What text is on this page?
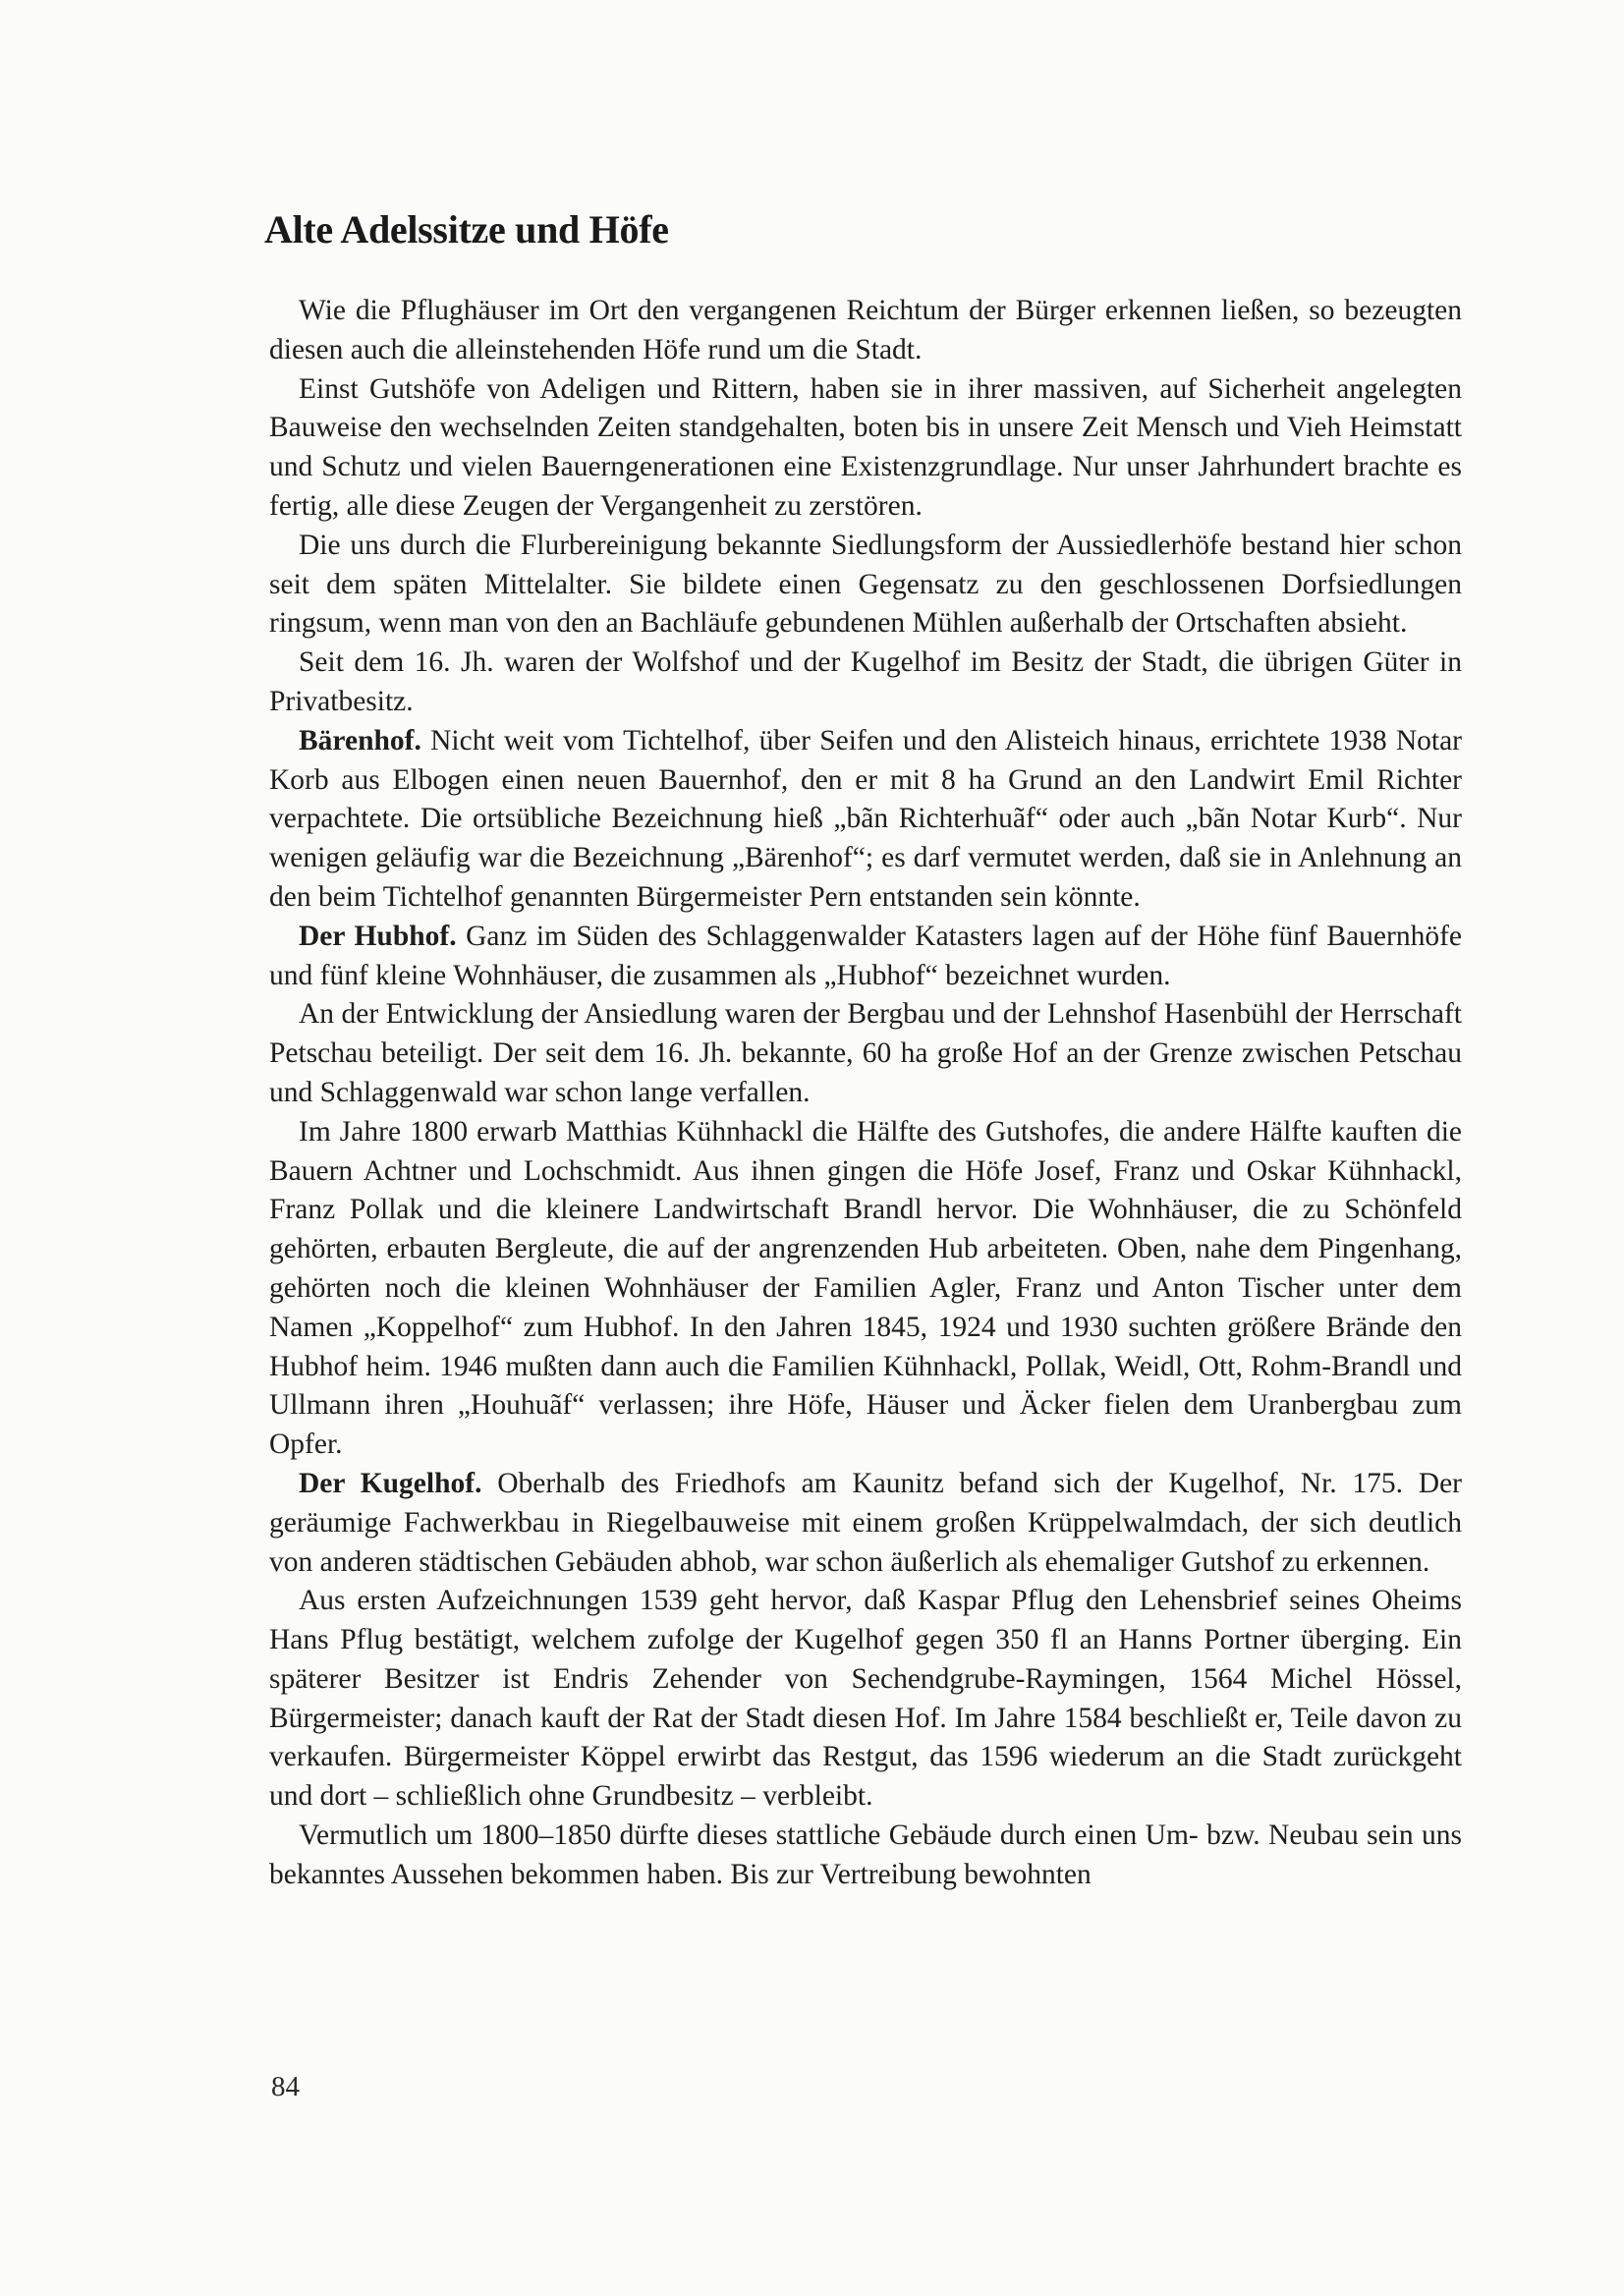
Alte Adelssitze und Höfe

Wie die Pflughäuser im Ort den vergangenen Reichtum der Bürger erkennen ließen, so bezeugten diesen auch die alleinstehenden Höfe rund um die Stadt.

Einst Gutshöfe von Adeligen und Rittern, haben sie in ihrer massiven, auf Sicherheit angelegten Bauweise den wechselnden Zeiten standgehalten, boten bis in unsere Zeit Mensch und Vieh Heimstatt und Schutz und vielen Bauerngenerationen eine Existenzgrundlage. Nur unser Jahrhundert brachte es fertig, alle diese Zeugen der Vergangenheit zu zerstören.

Die uns durch die Flurbereinigung bekannte Siedlungsform der Aussiedlerhöfe bestand hier schon seit dem späten Mittelalter. Sie bildete einen Gegensatz zu den geschlossenen Dorfsiedlungen ringsum, wenn man von den an Bachläufe gebundenen Mühlen außerhalb der Ortschaften absieht.

Seit dem 16. Jh. waren der Wolfshof und der Kugelhof im Besitz der Stadt, die übrigen Güter in Privatbesitz.

Bärenhof. Nicht weit vom Tichtelhof, über Seifen und den Alisteich hinaus, errichtete 1938 Notar Korb aus Elbogen einen neuen Bauernhof, den er mit 8 ha Grund an den Landwirt Emil Richter verpachtete. Die ortsübliche Bezeichnung hieß „bãn Richterhuãf“ oder auch „bãn Notar Kurb“. Nur wenigen geläufig war die Bezeichnung „Bärenhof“; es darf vermutet werden, daß sie in Anlehnung an den beim Tichtelhof genannten Bürgermeister Pern entstanden sein könnte.

Der Hubhof. Ganz im Süden des Schlaggenwalder Katasters lagen auf der Höhe fünf Bauernhöfe und fünf kleine Wohnhäuser, die zusammen als „Hubhof“ bezeichnet wurden.

An der Entwicklung der Ansiedlung waren der Bergbau und der Lehnshof Hasenbühl der Herrschaft Petschau beteiligt. Der seit dem 16. Jh. bekannte, 60 ha große Hof an der Grenze zwischen Petschau und Schlaggenwald war schon lange verfallen.

Im Jahre 1800 erwarb Matthias Kühnhackl die Hälfte des Gutshofes, die andere Hälfte kauften die Bauern Achtner und Lochschmidt. Aus ihnen gingen die Höfe Josef, Franz und Oskar Kühnhackl, Franz Pollak und die kleinere Landwirtschaft Brandl hervor. Die Wohnhäuser, die zu Schönfeld gehörten, erbauten Bergleute, die auf der angrenzenden Hub arbeiteten. Oben, nahe dem Pingenhang, gehörten noch die kleinen Wohnhäuser der Familien Agler, Franz und Anton Tischer unter dem Namen „Koppelhof“ zum Hubhof. In den Jahren 1845, 1924 und 1930 suchten größere Brände den Hubhof heim. 1946 mußten dann auch die Familien Kühnhackl, Pollak, Weidl, Ott, Rohm-Brandl und Ullmann ihren „Houhuãf“ verlassen; ihre Höfe, Häuser und Äcker fielen dem Uranbergbau zum Opfer.

Der Kugelhof. Oberhalb des Friedhofs am Kaunitz befand sich der Kugelhof, Nr. 175. Der geräumige Fachwerkbau in Riegelbauweise mit einem großen Krüppelwalmdach, der sich deutlich von anderen städtischen Gebäuden abhob, war schon äußerlich als ehemaliger Gutshof zu erkennen.

Aus ersten Aufzeichnungen 1539 geht hervor, daß Kaspar Pflug den Lehensbrief seines Oheims Hans Pflug bestätigt, welchem zufolge der Kugelhof gegen 350 fl an Hanns Portner überging. Ein späterer Besitzer ist Endris Zehender von Sechendgrube-Raymingen, 1564 Michel Hössel, Bürgermeister; danach kauft der Rat der Stadt diesen Hof. Im Jahre 1584 beschließt er, Teile davon zu verkaufen. Bürgermeister Köppel erwirbt das Restgut, das 1596 wiederum an die Stadt zurückgeht und dort – schließlich ohne Grundbesitz – verbleibt.

Vermutlich um 1800–1850 dürfte dieses stattliche Gebäude durch einen Um- bzw. Neubau sein uns bekanntes Aussehen bekommen haben. Bis zur Vertreibung bewohnten

84
